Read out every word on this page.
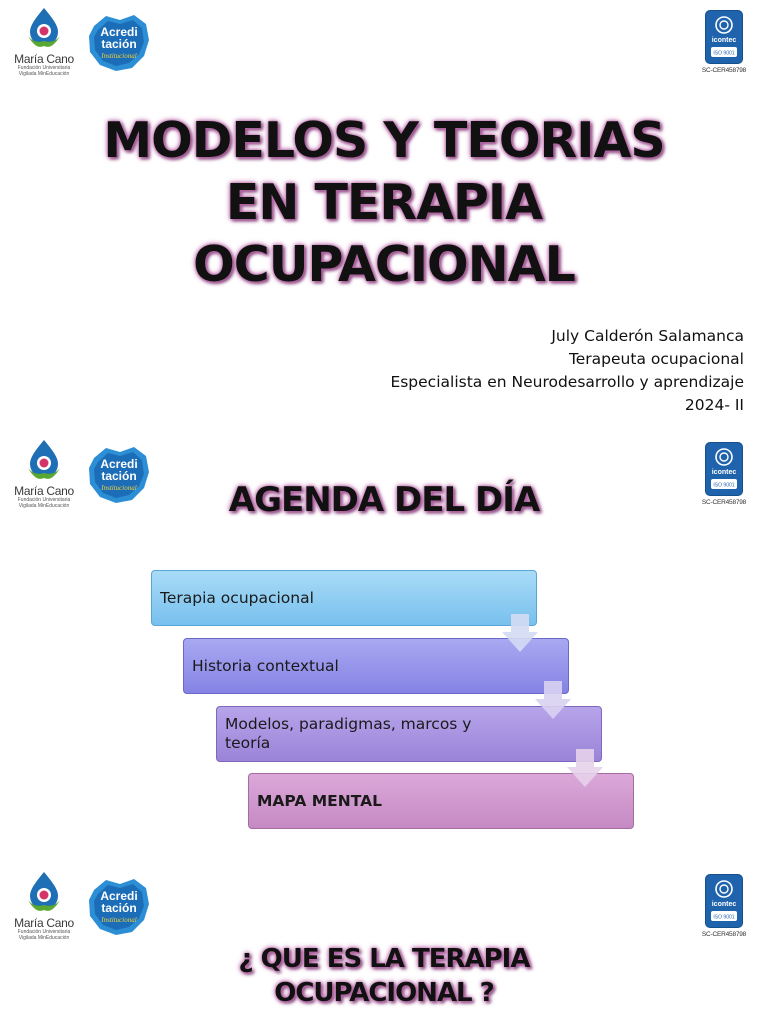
María Cano
Fundación Universitaria
Vigilada MinEducación
Acredi
tación
Institucional
icontec
ISO 9001
SC-CER458798
MODELOS Y TEORIAS
EN TERAPIA
OCUPACIONAL
July Calderón Salamanca
Terapeuta ocupacional
Especialista en Neurodesarrollo y aprendizaje
2024- II
María Cano
Fundación Universitaria
Vigilada MinEducación
Acredi
tación
Institucional
icontec
ISO 9001
SC-CER458798
AGENDA DEL DÍA
Terapia ocupacional
Historia contextual
Modelos, paradigmas, marcos y teoría
MAPA MENTAL
María Cano
Fundación Universitaria
Vigilada MinEducación
Acredi
tación
Institucional
icontec
ISO 9001
SC-CER458798
¿ QUE ES LA TERAPIA
OCUPACIONAL ?
